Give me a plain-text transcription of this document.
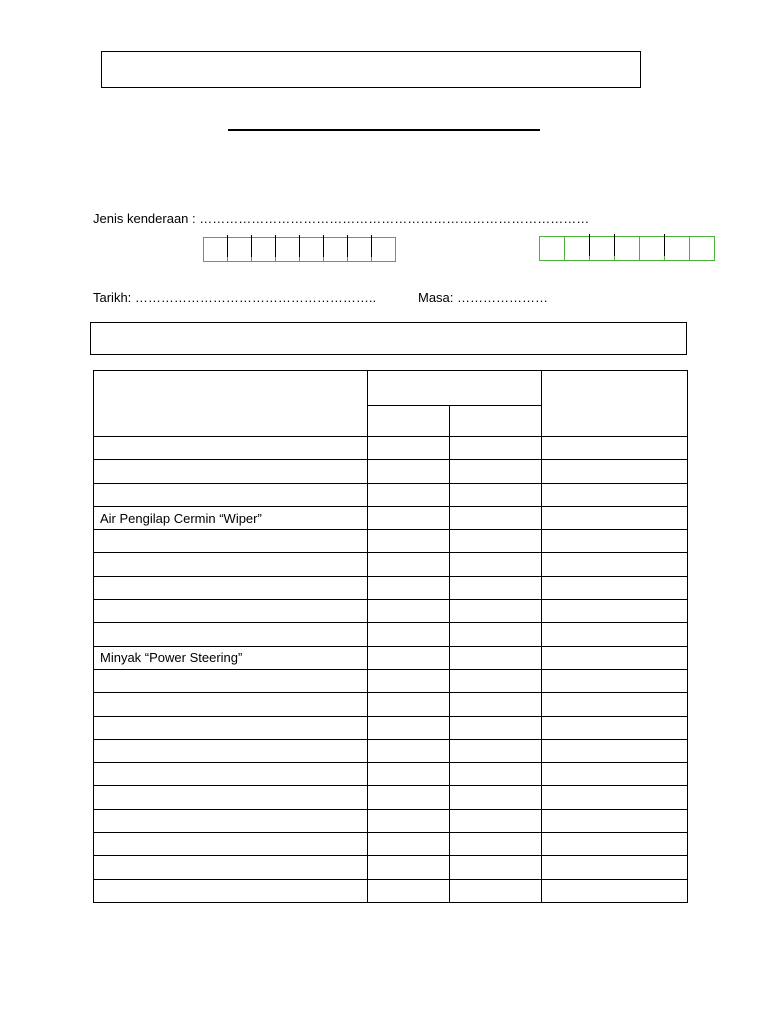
Jenis kenderaan : ………………………………………………………………………………
Tarikh: ………………………………………………..	Masa: …………………

Air Pengilap Cermin “Wiper”			

Minyak “Power Steering”			
